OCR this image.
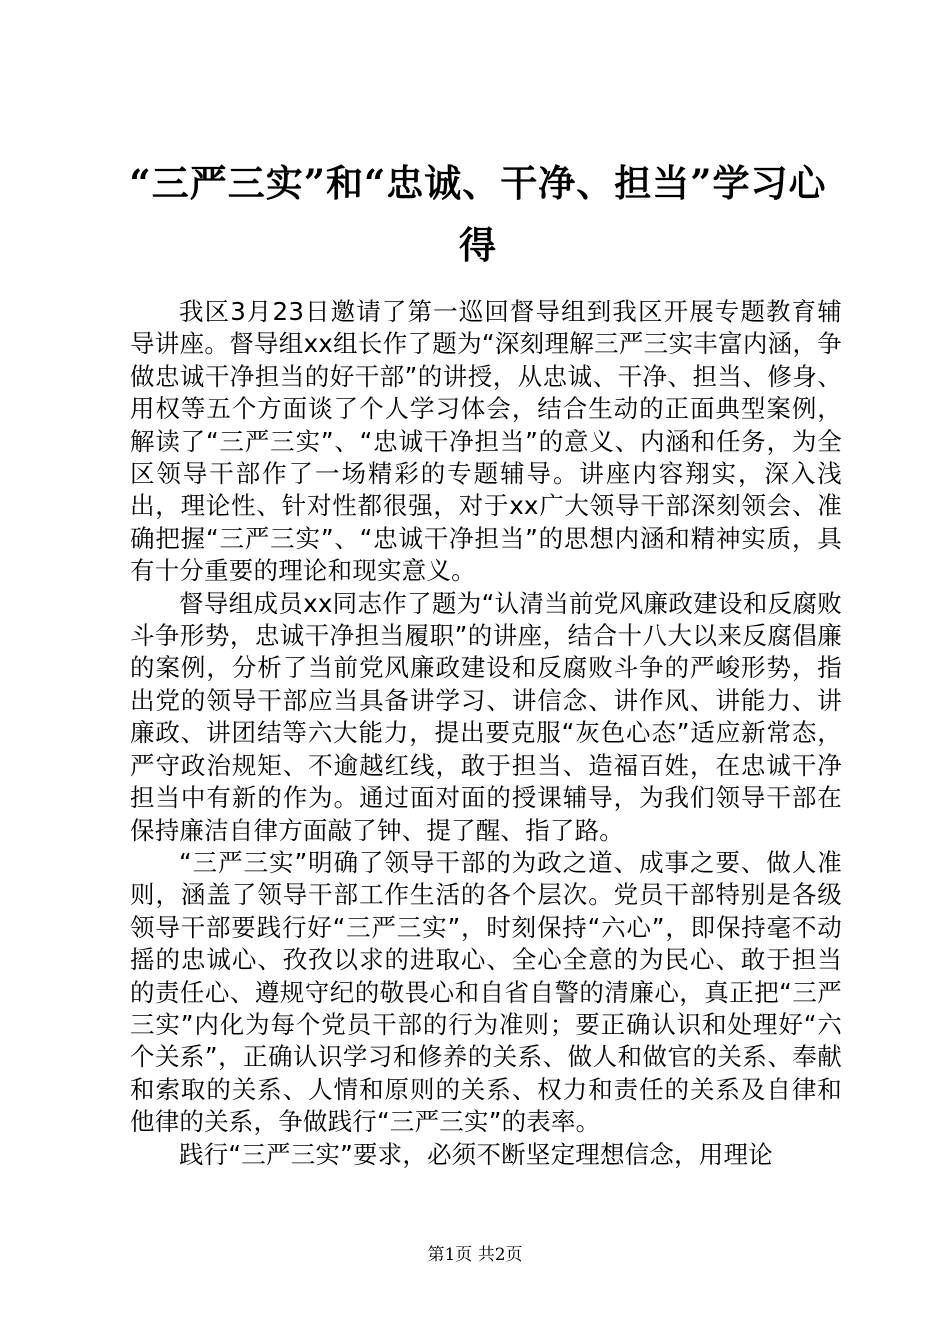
“三严三实”和“忠诚、干净、担当”学习心得

我区3月23日邀请了第一巡回督导组到我区开展专题教育辅导讲座。督导组xx组长作了题为“深刻理解三严三实丰富内涵，争做忠诚干净担当的好干部”的讲授，从忠诚、干净、担当、修身、用权等五个方面谈了个人学习体会，结合生动的正面典型案例，解读了“三严三实”、“忠诚干净担当”的意义、内涵和任务，为全区领导干部作了一场精彩的专题辅导。讲座内容翔实，深入浅出，理论性、针对性都很强，对于xx广大领导干部深刻领会、准确把握“三严三实”、“忠诚干净担当”的思想内涵和精神实质，具有十分重要的理论和现实意义。

督导组成员xx同志作了题为“认清当前党风廉政建设和反腐败斗争形势，忠诚干净担当履职”的讲座，结合十八大以来反腐倡廉的案例，分析了当前党风廉政建设和反腐败斗争的严峻形势，指出党的领导干部应当具备讲学习、讲信念、讲作风、讲能力、讲廉政、讲团结等六大能力，提出要克服“灰色心态”适应新常态，严守政治规矩、不逾越红线，敢于担当、造福百姓，在忠诚干净担当中有新的作为。通过面对面的授课辅导，为我们领导干部在保持廉洁自律方面敲了钟、提了醒、指了路。

“三严三实”明确了领导干部的为政之道、成事之要、做人准则，涵盖了领导干部工作生活的各个层次。党员干部特别是各级领导干部要践行好“三严三实”，时刻保持“六心”，即保持毫不动摇的忠诚心、孜孜以求的进取心、全心全意的为民心、敢于担当的责任心、遵规守纪的敬畏心和自省自警的清廉心，真正把“三严三实”内化为每个党员干部的行为准则；要正确认识和处理好“六个关系”，正确认识学习和修养的关系、做人和做官的关系、奉献和索取的关系、人情和原则的关系、权力和责任的关系及自律和他律的关系，争做践行“三严三实”的表率。

践行“三严三实”要求，必须不断坚定理想信念，用理论

第1页 共2页
